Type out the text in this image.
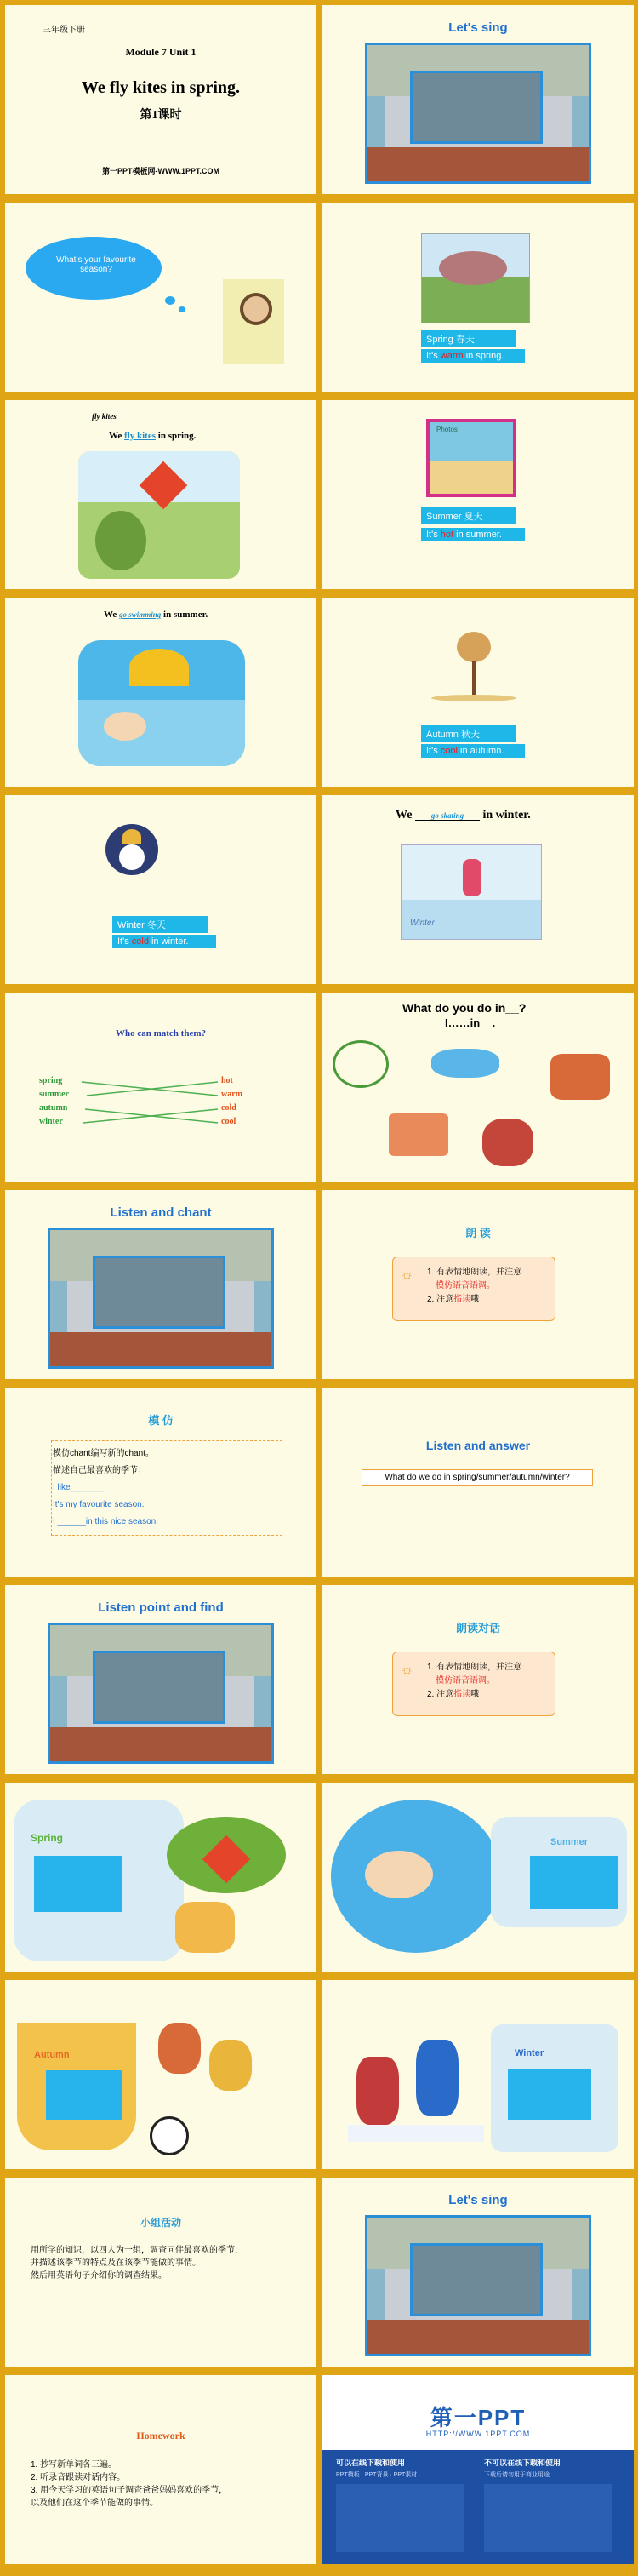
三年级下册
Module 7 Unit 1
We fly kites in spring.
第1课时
第一PPT模板网-WWW.1PPT.COM
Let's sing
What’s your favourite season?
Spring 春天
It's warm in spring.
fly kites
We fly kites in spring.
Photos
Summer 夏天
It's hot in summer.
We go swimming in summer.
Autumn 秋天
It's cool in autumn.
Winter 冬天
It's cold in winter.
We go skating in winter.
Winter
Who can match them?
spring
summer
autumn
winter
hot
warm
cold
cool
What do you do in__?
I……in__.
Listen and chant
朗 读
☼ 1. 有表情地朗读，并注意
模仿语音语调。
2. 注意指读哦！
模 仿
模仿chant编写新的chant。
描述自己最喜欢的季节：
I like_______
It's my favourite season.
I ______in this nice season.
Listen and answer
What do we do in spring/summer/autumn/winter?
Listen point and find
朗读对话
☼ 1. 有表情地朗读，并注意
模仿语音语调。
2. 注意指读哦！
Spring	Summer
Autumn	Winter
小组活动
用所学的知识，以四人为一组，调查同伴最喜欢的季节，
并描述该季节的特点及在该季节能做的事情。
然后用英语句子介绍你的调查结果。
Let's sing
Homework
1. 抄写新单词各三遍。
2. 听录音跟读对话内容。
3. 用今天学习的英语句子调查爸爸妈妈喜欢的季节，
以及他们在这个季节能做的事情。
第一PPT
HTTP://WWW.1PPT.COM
可以在线下载和使用	不可以在线下载和使用
PPT模板 · PPT背景 · PPT素材	下载后请勿用于商业用途
